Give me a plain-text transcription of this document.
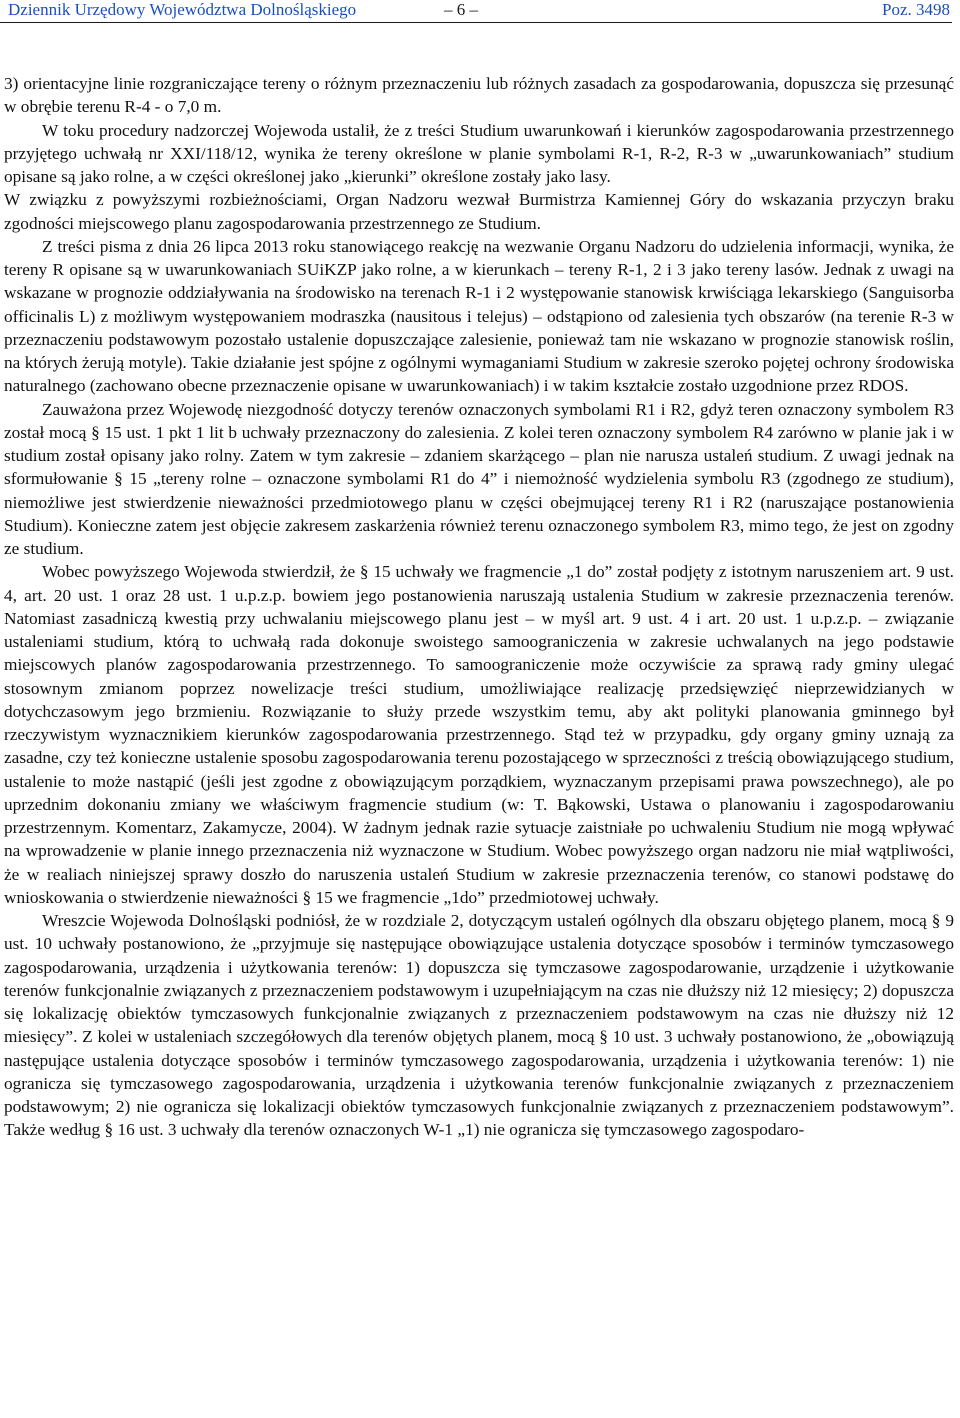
Dziennik Urzędowy Województwa Dolnośląskiego	– 6 –	Poz. 3498

3) orientacyjne linie rozgraniczające tereny o różnym przeznaczeniu lub różnych zasadach za gospodarowania, dopuszcza się przesunąć w obrębie terenu R-4 - o 7,0 m.

W toku procedury nadzorczej Wojewoda ustalił, że z treści Studium uwarunkowań i kierunków zagospodarowania przestrzennego przyjętego uchwałą nr XXI/118/12, wynika że tereny określone w planie symbolami R-1, R-2, R-3 w „uwarunkowaniach” studium opisane są jako rolne, a w części określonej jako „kierunki” określone zostały jako lasy.

W związku z powyższymi rozbieżnościami, Organ Nadzoru wezwał Burmistrza Kamiennej Góry do wskazania przyczyn braku zgodności miejscowego planu zagospodarowania przestrzennego ze Studium.

Z treści pisma z dnia 26 lipca 2013 roku stanowiącego reakcję na wezwanie Organu Nadzoru do udzielenia informacji, wynika, że tereny R opisane są w uwarunkowaniach SUiKZP jako rolne, a w kierunkach – tereny R-1, 2 i 3 jako tereny lasów. Jednak z uwagi na wskazane w prognozie oddziaływania na środowisko na terenach R-1 i 2 występowanie stanowisk krwiściąga lekarskiego (Sanguisorba officinalis L) z możliwym występowaniem modraszka (nausitous i telejus) – odstąpiono od zalesienia tych obszarów (na terenie R-3 w przeznaczeniu podstawowym pozostało ustalenie dopuszczające zalesienie, ponieważ tam nie wskazano w prognozie stanowisk roślin, na których żerują motyle). Takie działanie jest spójne z ogólnymi wymaganiami Studium w zakresie szeroko pojętej ochrony środowiska naturalnego (zachowano obecne przeznaczenie opisane w uwarunkowaniach) i w takim kształcie zostało uzgodnione przez RDOS.

Zauważona przez Wojewodę niezgodność dotyczy terenów oznaczonych symbolami R1 i R2, gdyż teren oznaczony symbolem R3 został mocą § 15 ust. 1 pkt 1 lit b uchwały przeznaczony do zalesienia. Z kolei teren oznaczony symbolem R4 zarówno w planie jak i w studium został opisany jako rolny. Zatem w tym zakresie – zdaniem skarżącego – plan nie narusza ustaleń studium. Z uwagi jednak na sformułowanie § 15 „tereny rolne – oznaczone symbolami R1 do 4” i niemożność wydzielenia symbolu R3 (zgodnego ze studium), niemożliwe jest stwierdzenie nieważności przedmiotowego planu w części obejmującej tereny R1 i R2 (naruszające postanowienia Studium). Konieczne zatem jest objęcie zakresem zaskarżenia również terenu oznaczonego symbolem R3, mimo tego, że jest on zgodny ze studium.

Wobec powyższego Wojewoda stwierdził, że § 15 uchwały we fragmencie „1 do” został podjęty z istotnym naruszeniem art. 9 ust. 4, art. 20 ust. 1 oraz 28 ust. 1 u.p.z.p. bowiem jego postanowienia naruszają ustalenia Studium w zakresie przeznaczenia terenów. Natomiast zasadniczą kwestią przy uchwalaniu miejscowego planu jest – w myśl art. 9 ust. 4 i art. 20 ust. 1 u.p.z.p. – związanie ustaleniami studium, którą to uchwałą rada dokonuje swoistego samoograniczenia w zakresie uchwalanych na jego podstawie miejscowych planów zagospodarowania przestrzennego. To samoograniczenie może oczywiście za sprawą rady gminy ulegać stosownym zmianom poprzez nowelizacje treści studium, umożliwiające realizację przedsięwzięć nieprzewidzianych w dotychczasowym jego brzmieniu. Rozwiązanie to służy przede wszystkim temu, aby akt polityki planowania gminnego był rzeczywistym wyznacznikiem kierunków zagospodarowania przestrzennego. Stąd też w przypadku, gdy organy gminy uznają za zasadne, czy też konieczne ustalenie sposobu zagospodarowania terenu pozostającego w sprzeczności z treścią obowiązującego studium, ustalenie to może nastąpić (jeśli jest zgodne z obowiązującym porządkiem, wyznaczanym przepisami prawa powszechnego), ale po uprzednim dokonaniu zmiany we właściwym fragmencie studium (w: T. Bąkowski, Ustawa o planowaniu i zagospodarowaniu przestrzennym. Komentarz, Zakamycze, 2004). W żadnym jednak razie sytuacje zaistniałe po uchwaleniu Studium nie mogą wpływać na wprowadzenie w planie innego przeznaczenia niż wyznaczone w Studium. Wobec powyższego organ nadzoru nie miał wątpliwości, że w realiach niniejszej sprawy doszło do naruszenia ustaleń Studium w zakresie przeznaczenia terenów, co stanowi podstawę do wnioskowania o stwierdzenie nieważności § 15 we fragmencie „1do” przedmiotowej uchwały.

Wreszcie Wojewoda Dolnośląski podniósł, że w rozdziale 2, dotyczącym ustaleń ogólnych dla obszaru objętego planem, mocą § 9 ust. 10 uchwały postanowiono, że „przyjmuje się następujące obowiązujące ustalenia dotyczące sposobów i terminów tymczasowego zagospodarowania, urządzenia i użytkowania terenów: 1) dopuszcza się tymczasowe zagospodarowanie, urządzenie i użytkowanie terenów funkcjonalnie związanych z przeznaczeniem podstawowym i uzupełniającym na czas nie dłuższy niż 12 miesięcy; 2) dopuszcza się lokalizację obiektów tymczasowych funkcjonalnie związanych z przeznaczeniem podstawowym na czas nie dłuższy niż 12 miesięcy”. Z kolei w ustaleniach szczegółowych dla terenów objętych planem, mocą § 10 ust. 3 uchwały postanowiono, że „obowiązują następujące ustalenia dotyczące sposobów i terminów tymczasowego zagospodarowania, urządzenia i użytkowania terenów: 1) nie ogranicza się tymczasowego zagospodarowania, urządzenia i użytkowania terenów funkcjonalnie związanych z przeznaczeniem podstawowym; 2) nie ogranicza się lokalizacji obiektów tymczasowych funkcjonalnie związanych z przeznaczeniem podstawowym”. Także według § 16 ust. 3 uchwały dla terenów oznaczonych W-1 „1) nie ogranicza się tymczasowego zagospodaro-
